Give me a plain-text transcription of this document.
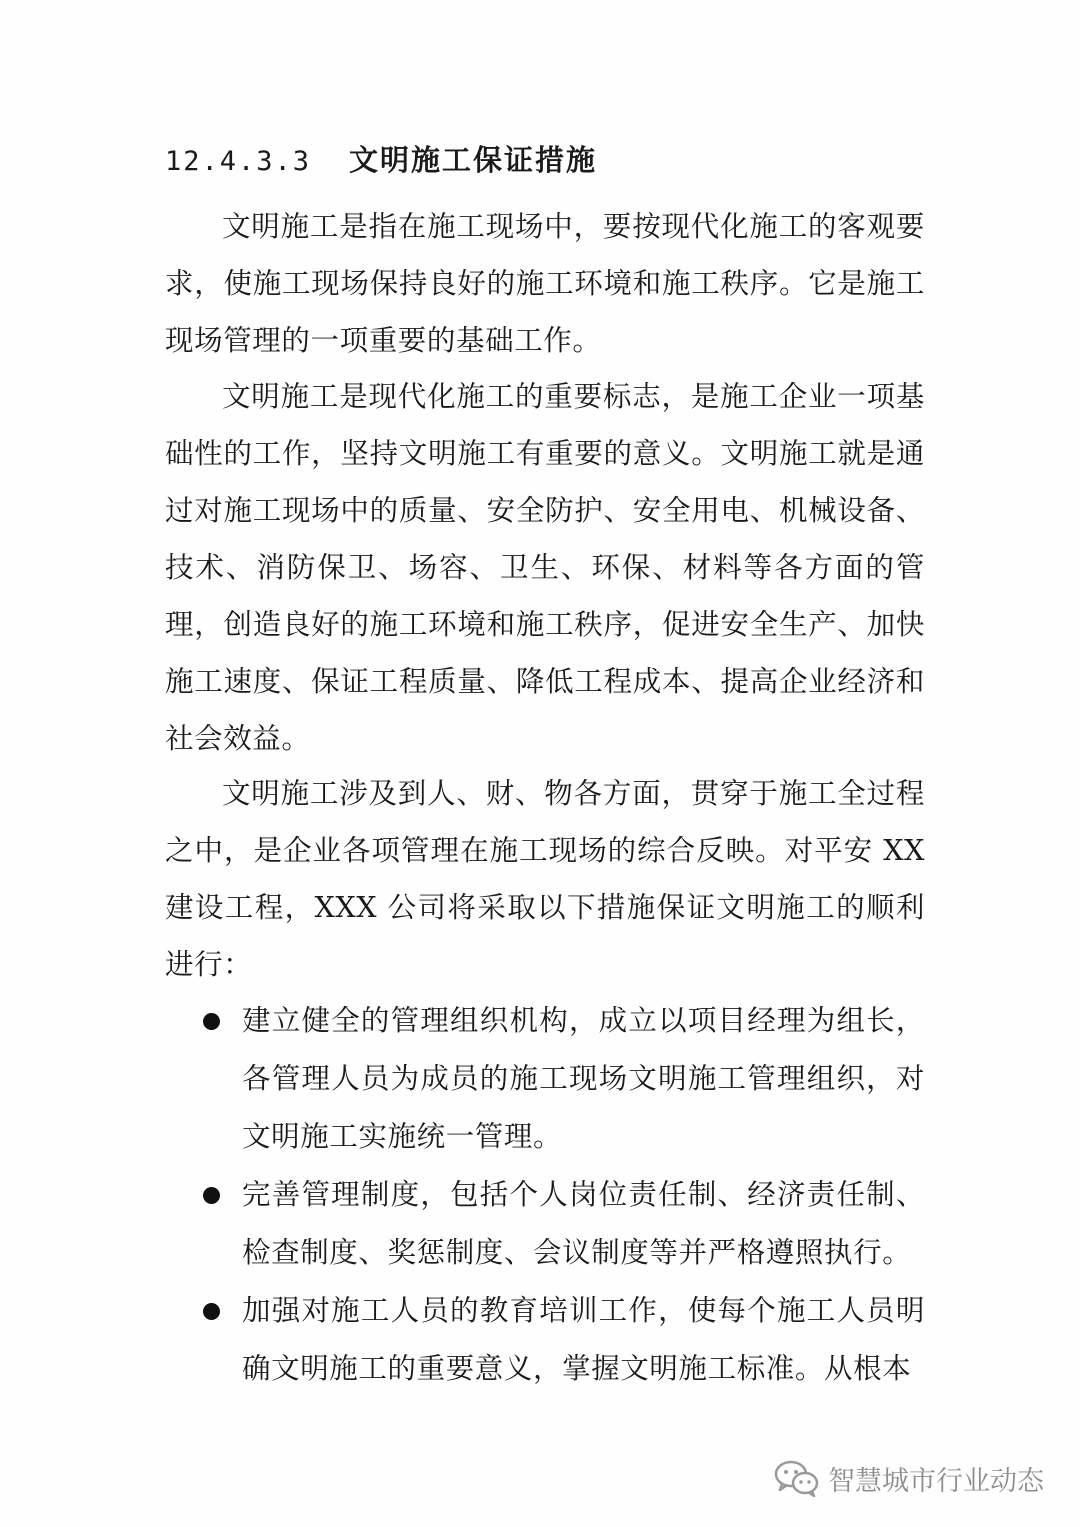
12.4.3.3 文明施工保证措施

文明施工是指在施工现场中，要按现代化施工的客观要求，使施工现场保持良好的施工环境和施工秩序。它是施工现场管理的一项重要的基础工作。

文明施工是现代化施工的重要标志，是施工企业一项基础性的工作，坚持文明施工有重要的意义。文明施工就是通过对施工现场中的质量、安全防护、安全用电、机械设备、技术、消防保卫、场容、卫生、环保、材料等各方面的管理，创造良好的施工环境和施工秩序，促进安全生产、加快施工速度、保证工程质量、降低工程成本、提高企业经济和社会效益。

文明施工涉及到人、财、物各方面，贯穿于施工全过程之中，是企业各项管理在施工现场的综合反映。对平安 XX 建设工程，XXX 公司将采取以下措施保证文明施工的顺利进行：

建立健全的管理组织机构，成立以项目经理为组长，各管理人员为成员的施工现场文明施工管理组织，对文明施工实施统一管理。
完善管理制度，包括个人岗位责任制、经济责任制、检查制度、奖惩制度、会议制度等并严格遵照执行。
加强对施工人员的教育培训工作，使每个施工人员明确文明施工的重要意义，掌握文明施工标准。从根本
智慧城市行业动态
